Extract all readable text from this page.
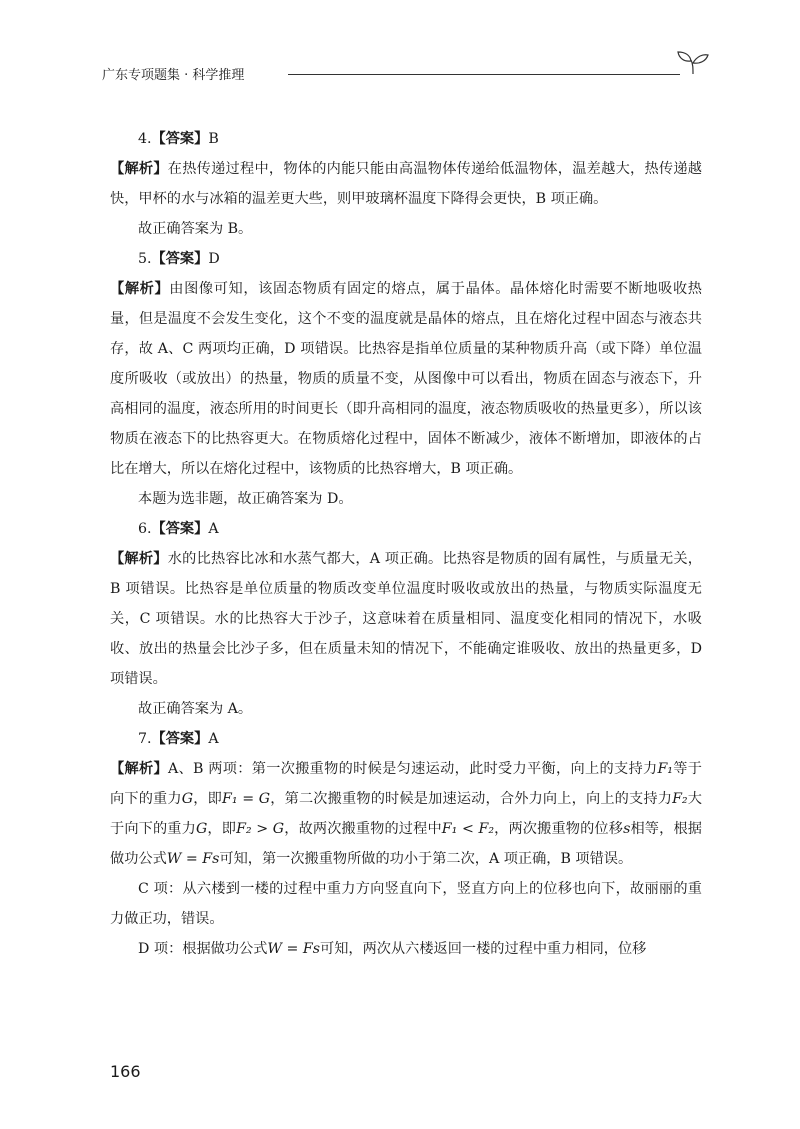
广东专项题集 · 科学推理

4.【答案】B

【解析】在热传递过程中，物体的内能只能由高温物体传递给低温物体，温差越大，热传递越快，甲杯的水与冰箱的温差更大些，则甲玻璃杯温度下降得会更快，B 项正确。

故正确答案为 B。

5.【答案】D

【解析】由图像可知，该固态物质有固定的熔点，属于晶体。晶体熔化时需要不断地吸收热量，但是温度不会发生变化，这个不变的温度就是晶体的熔点，且在熔化过程中固态与液态共存，故 A、C 两项均正确，D 项错误。比热容是指单位质量的某种物质升高（或下降）单位温度所吸收（或放出）的热量，物质的质量不变，从图像中可以看出，物质在固态与液态下，升高相同的温度，液态所用的时间更长（即升高相同的温度，液态物质吸收的热量更多），所以该物质在液态下的比热容更大。在物质熔化过程中，固体不断减少，液体不断增加，即液体的占比在增大，所以在熔化过程中，该物质的比热容增大，B 项正确。

本题为选非题，故正确答案为 D。

6.【答案】A

【解析】水的比热容比冰和水蒸气都大，A 项正确。比热容是物质的固有属性，与质量无关，B 项错误。比热容是单位质量的物质改变单位温度时吸收或放出的热量，与物质实际温度无关，C 项错误。水的比热容大于沙子，这意味着在质量相同、温度变化相同的情况下，水吸收、放出的热量会比沙子多，但在质量未知的情况下，不能确定谁吸收、放出的热量更多，D 项错误。

故正确答案为 A。

7.【答案】A

【解析】A、B 两项：第一次搬重物的时候是匀速运动，此时受力平衡，向上的支持力F₁等于向下的重力G，即F₁ = G，第二次搬重物的时候是加速运动，合外力向上，向上的支持力F₂大于向下的重力G，即F₂ > G，故两次搬重物的过程中F₁ < F₂，两次搬重物的位移s相等，根据做功公式W = Fs可知，第一次搬重物所做的功小于第二次，A 项正确，B 项错误。

C 项：从六楼到一楼的过程中重力方向竖直向下，竖直方向上的位移也向下，故丽丽的重力做正功，错误。

D 项：根据做功公式W = Fs可知，两次从六楼返回一楼的过程中重力相同，位移

166
